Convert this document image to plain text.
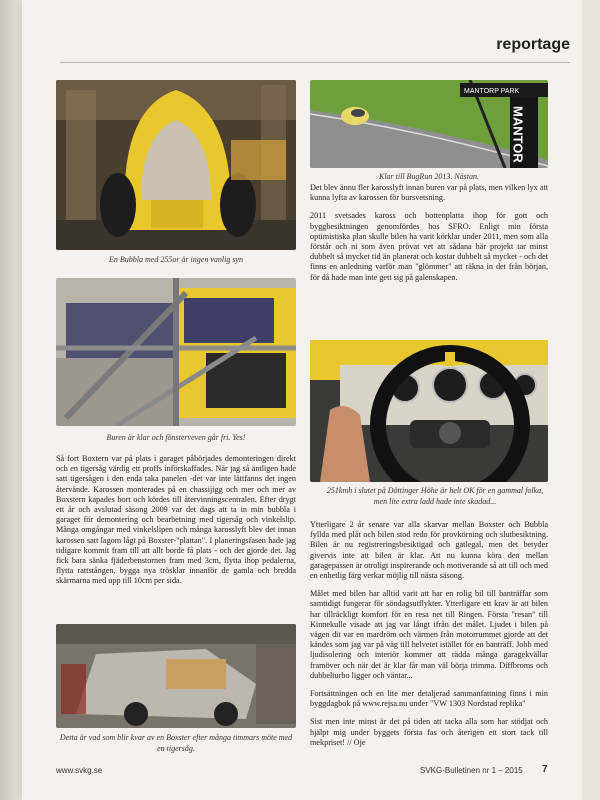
reportage
En Bubbla med 255or är ingen vanlig syn
Buren är klar och fönsterveven går fri. Yes!

Så fort Boxtern var på plats i garaget påbörjades demonteringen direkt och en tigersåg värdig ett proffs införskaffades. När jag så äntligen hade satt tigersågen i den enda taka panelen -det var inte lättfanns det ingen återvände. Karossen monterades på en chassijigg och mer och mer av Boxstern kapades bort och kördes till återvinningscentralen. Efter drygt ett år och avslutad säsong 2009 var det dags att ta in min bubbla i garaget för demontering och bearbetning med tigersåg och vinkelslip. Många omgångar med vinkelslipen och många karosslyft blev det innan karossen satt lagom lågt på Boxster-"plattan". I planeringsfasen hade jag tidigare kommit fram till att allt borde få plats - och det gjorde det. Jag fick bara sänka fjäderbenstornen fram med 3cm, flytta ihop pedalerna, flytta rattstången, bygga nya trösklar innanför de gamla och bredda skärmarna med upp till 10cm per sida.

Detta är vad som blir kvar av en Boxster efter många timmars möte med en tigersåg.
MANTORP PARK
MANTOR
Klar till BugRun 2013. Nästan.

Det blev ännu fler karosslyft innan buren var på plats, men vilken lyx att kunna lyfta av karossen för bursvetsning.

2011 svetsades kaross och bottenplatta ihop för gott och byggbesiktningen genomfördes hos SFRO. Enligt min första optimistiska plan skulle bilen ha varit körklar under 2011, men som alla förstår och ni som även prövat vet att sådana här projekt tar minst dubbelt så mycket tid än planerat och kostar dubbelt så mycket - och det finns en anledning varför man "glömmer" att räkna in det från början, för då hade man inte gett sig på galenskapen.

251kmh i slutet på Döttinger Höhe är helt OK för en gammal folka, men lite extra ladd hade inte skadad...

Ytterligare 2 år senare var alla skarvar mellan Boxster och Bubbla fyllda med plåt och bilen stod redo för provkörning och slutbesiktning. Bilen är nu registreringsbesiktigad och gatlegal, men det betyder givervis inte att bilen är klar. Att nu kunna köra den mellan garagepassen är otroligt inspirerande och motiverande så att till och med en enhetlig färg verkar möjlig till nästa säsong.

Målet med bilen har alltid varit att har en rolig bil till banträffar som samtidigt fungerar för söndagsutflykter. Ytterligare ett krav är att bilen har tillräckligt komfort för en resa net till Ringen. Första "resan" till Kinnekulle visade att jag var långt ifrån det målet. Ljudet i bilen på vägen dit var en mardröm och värmen från motorrummet gjorde att det kändes som jag var på väg till helvetet istället för en banträff. Jobb med ljudisolering och interiör kommer att rädda många garagekvällar framöver och när det är klar får man väl börja trimma. Diffbroms och dubbelturbo ligger och väntar...

Fortsättningen och en lite mer detaljerad sammanfattning finns i min byggdagbok på www.rejsa.nu under "VW 1303 Nordstad replika"

Sist men inte minst är det på tiden att tacka alla som har stödjat och hjälpt mig under byggets första fas och återigen ett stort tack till mekpriset! // Oje

www.svkg.se	SVKG-Bulletinen nr 1 – 2015 7
